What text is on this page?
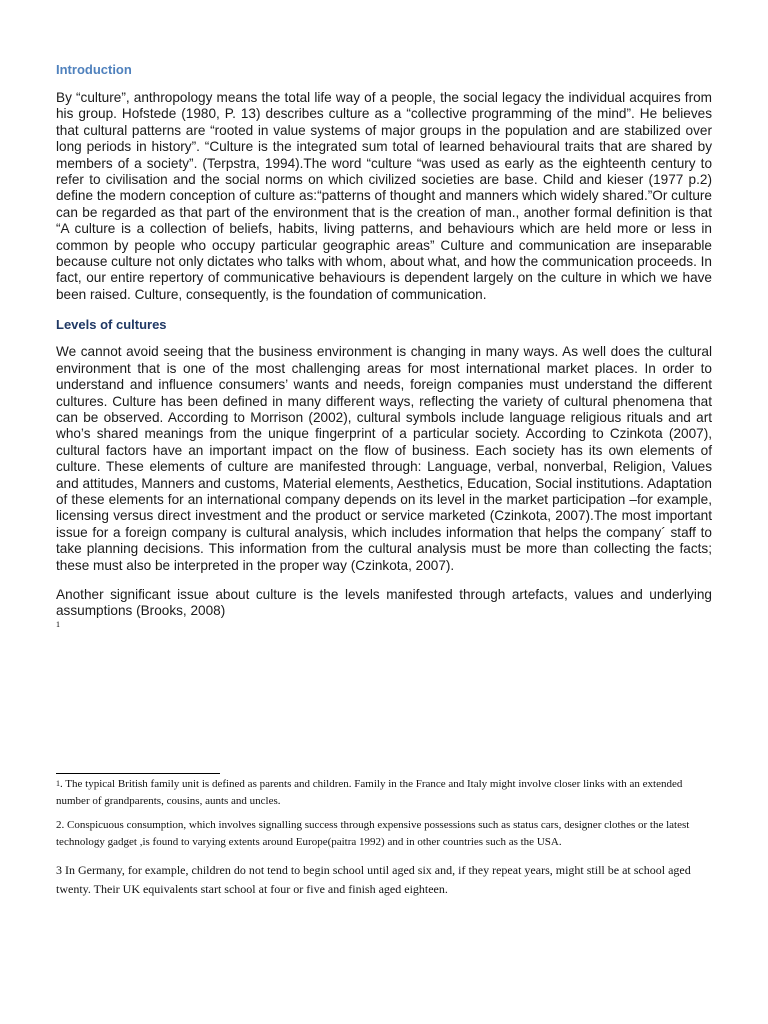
Introduction

By “culture”, anthropology means the total life way of a people, the social legacy the individual acquires from his group. Hofstede (1980, P. 13) describes culture as a “collective programming of the mind”. He believes that cultural patterns are “rooted in value systems of major groups in the population and are stabilized over long periods in history”. “Culture is the integrated sum total of learned behavioural traits that are shared by members of a society”. (Terpstra, 1994).The word “culture “was used as early as the eighteenth century to refer to civilisation and the social norms on which civilized societies are base. Child and kieser (1977 p.2) define the modern conception of culture as:“patterns of thought and manners which widely shared.”Or culture can be regarded as that part of the environment that is the creation of man., another formal definition is that “A culture is a collection of beliefs, habits, living patterns, and behaviours which are held more or less in common by people who occupy particular geographic areas” Culture and communication are inseparable because culture not only dictates who talks with whom, about what, and how the communication proceeds. In fact, our entire repertory of communicative behaviours is dependent largely on the culture in which we have been raised. Culture, consequently, is the foundation of communication.

Levels of cultures

We cannot avoid seeing that the business environment is changing in many ways. As well does the cultural environment that is one of the most challenging areas for most international market places. In order to understand and influence consumers’ wants and needs, foreign companies must understand the different cultures. Culture has been defined in many different ways, reflecting the variety of cultural phenomena that can be observed. According to Morrison (2002), cultural symbols include language religious rituals and art who’s shared meanings from the unique fingerprint of a particular society. According to Czinkota (2007), cultural factors have an important impact on the flow of business. Each society has its own elements of culture. These elements of culture are manifested through: Language, verbal, nonverbal, Religion, Values and attitudes, Manners and customs, Material elements, Aesthetics, Education, Social institutions. Adaptation of these elements for an international company depends on its level in the market participation –for example, licensing versus direct investment and the product or service marketed (Czinkota, 2007).The most important issue for a foreign company is cultural analysis, which includes information that helps the company´ staff to take planning decisions. This information from the cultural analysis must be more than collecting the facts; these must also be interpreted in the proper way (Czinkota, 2007).

Another significant issue about culture is the levels manifested through artefacts, values and underlying assumptions (Brooks, 2008)

1

$^1$. The typical British family unit is defined as parents and children. Family in the France and Italy might involve closer links with an extended number of grandparents, cousins, aunts and uncles.

2. Conspicuous consumption, which involves signalling success through expensive possessions such as status cars, designer clothes or the latest technology gadget ,is found to varying extents around Europe(paitra 1992) and in other countries such as the USA.

3 In Germany, for example, children do not tend to begin school until aged six and, if they repeat years, might still be at school aged twenty. Their UK equivalents start school at four or five and finish aged eighteen.
